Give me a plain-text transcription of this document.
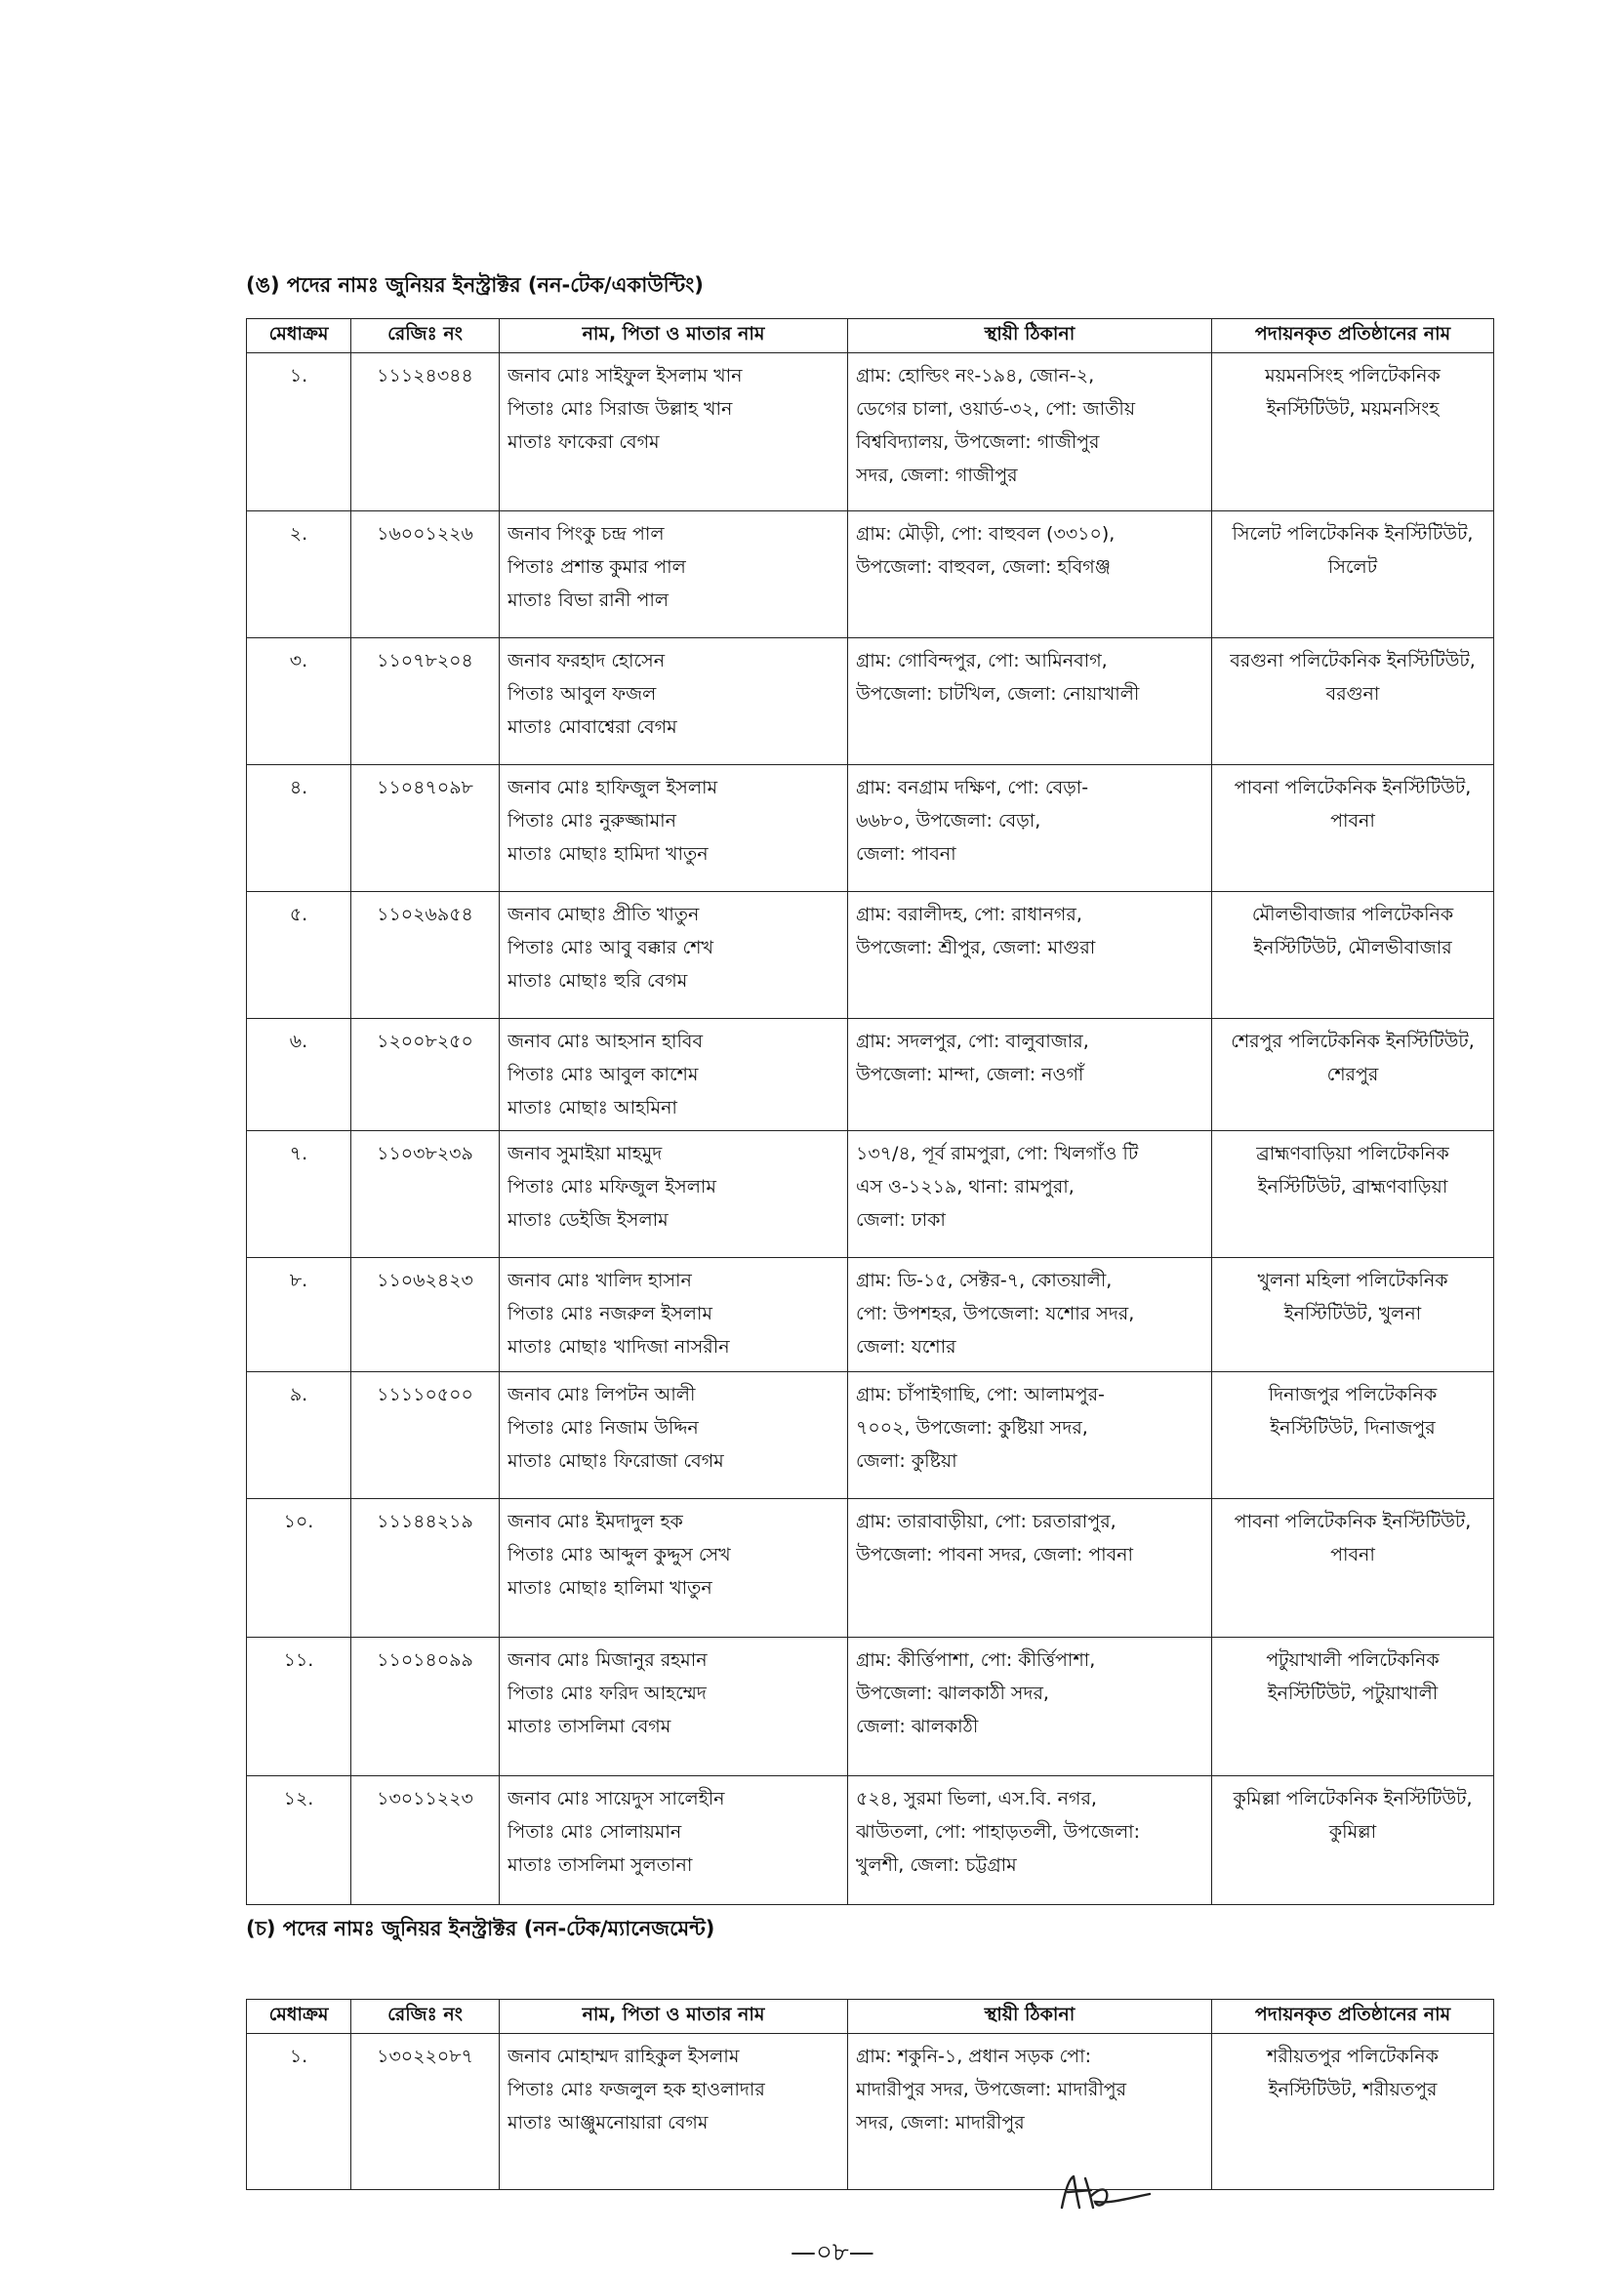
(ঙ) পদের নামঃ জুনিয়র ইনস্ট্রাক্টর (নন-টেক/একাউন্টিং)
মেধাক্রম	রেজিঃ নং	নাম, পিতা ও মাতার নাম	স্থায়ী ঠিকানা	পদায়নকৃত প্রতিষ্ঠানের নাম
১.	১১১২৪৩৪৪	জনাব মোঃ সাইফুল ইসলাম খান
পিতাঃ মোঃ সিরাজ উল্লাহ খান
মাতাঃ ফাকেরা বেগম	গ্রাম: হোল্ডিং নং-১৯৪, জোন-২,
ডেগের চালা, ওয়ার্ড-৩২, পো: জাতীয়
বিশ্ববিদ্যালয়, উপজেলা: গাজীপুর
সদর, জেলা: গাজীপুর	ময়মনসিংহ পলিটেকনিক
ইনস্টিটিউট, ময়মনসিংহ

২.	১৬০০১২২৬	জনাব পিংকু চন্দ্র পাল
পিতাঃ প্রশান্ত কুমার পাল
মাতাঃ বিভা রানী পাল	গ্রাম: মৌড়ী, পো: বাহুবল (৩৩১০),
উপজেলা: বাহুবল, জেলা: হবিগঞ্জ	সিলেট পলিটেকনিক ইনস্টিটিউট,
সিলেট

৩.	১১০৭৮২০৪	জনাব ফরহাদ হোসেন
পিতাঃ আবুল ফজল
মাতাঃ মোবাশ্বেরা বেগম	গ্রাম: গোবিন্দপুর, পো: আমিনবাগ,
উপজেলা: চাটখিল, জেলা: নোয়াখালী	বরগুনা পলিটেকনিক ইনস্টিটিউট,
বরগুনা

৪.	১১০৪৭০৯৮	জনাব মোঃ হাফিজুল ইসলাম
পিতাঃ মোঃ নুরুজ্জামান
মাতাঃ মোছাঃ হামিদা খাতুন	গ্রাম: বনগ্রাম দক্ষিণ, পো: বেড়া-
৬৬৮০, উপজেলা: বেড়া,
জেলা: পাবনা	পাবনা পলিটেকনিক ইনস্টিটিউট,
পাবনা

৫.	১১০২৬৯৫৪	জনাব মোছাঃ প্রীতি খাতুন
পিতাঃ মোঃ আবু বক্কার শেখ
মাতাঃ মোছাঃ হুরি বেগম	গ্রাম: বরালীদহ, পো: রাধানগর,
উপজেলা: শ্রীপুর, জেলা: মাগুরা	মৌলভীবাজার পলিটেকনিক
ইনস্টিটিউট, মৌলভীবাজার

৬.	১২০০৮২৫০	জনাব মোঃ আহসান হাবিব
পিতাঃ মোঃ আবুল কাশেম
মাতাঃ মোছাঃ আহমিনা	গ্রাম: সদলপুর, পো: বালুবাজার,
উপজেলা: মান্দা, জেলা: নওগাঁ	শেরপুর পলিটেকনিক ইনস্টিটিউট,
শেরপুর

৭.	১১০৩৮২৩৯	জনাব সুমাইয়া মাহমুদ
পিতাঃ মোঃ মফিজুল ইসলাম
মাতাঃ ডেইজি ইসলাম	১৩৭/৪, পূর্ব রামপুরা, পো: খিলগাঁও টি
এস ও-১২১৯, থানা: রামপুরা,
জেলা: ঢাকা	ব্রাহ্মণবাড়িয়া পলিটেকনিক
ইনস্টিটিউট, ব্রাহ্মণবাড়িয়া

৮.	১১০৬২৪২৩	জনাব মোঃ খালিদ হাসান
পিতাঃ মোঃ নজরুল ইসলাম
মাতাঃ মোছাঃ খাদিজা নাসরীন	গ্রাম: ডি-১৫, সেক্টর-৭, কোতয়ালী,
পো: উপশহর, উপজেলা: যশোর সদর,
জেলা: যশোর	খুলনা মহিলা পলিটেকনিক
ইনস্টিটিউট, খুলনা

৯.	১১১১০৫০০	জনাব মোঃ লিপটন আলী
পিতাঃ মোঃ নিজাম উদ্দিন
মাতাঃ মোছাঃ ফিরোজা বেগম	গ্রাম: চাঁপাইগাছি, পো: আলামপুর-
৭০০২, উপজেলা: কুষ্টিয়া সদর,
জেলা: কুষ্টিয়া	দিনাজপুর পলিটেকনিক
ইনস্টিটিউট, দিনাজপুর

১০.	১১১৪৪২১৯	জনাব মোঃ ইমদাদুল হক
পিতাঃ মোঃ আব্দুল কুদ্দুস সেখ
মাতাঃ মোছাঃ হালিমা খাতুন	গ্রাম: তারাবাড়ীয়া, পো: চরতারাপুর,
উপজেলা: পাবনা সদর, জেলা: পাবনা	পাবনা পলিটেকনিক ইনস্টিটিউট,
পাবনা

১১.	১১০১৪০৯৯	জনাব মোঃ মিজানুর রহমান
পিতাঃ মোঃ ফরিদ আহম্মেদ
মাতাঃ তাসলিমা বেগম	গ্রাম: কীর্ত্তিপাশা, পো: কীর্ত্তিপাশা,
উপজেলা: ঝালকাঠী সদর,
জেলা: ঝালকাঠী	পটুয়াখালী পলিটেকনিক
ইনস্টিটিউট, পটুয়াখালী

১২.	১৩০১১২২৩	জনাব মোঃ সায়েদুস সালেহীন
পিতাঃ মোঃ সোলায়মান
মাতাঃ তাসলিমা সুলতানা	৫২৪, সুরমা ভিলা, এস.বি. নগর,
ঝাউতলা, পো: পাহাড়তলী, উপজেলা:
খুলশী, জেলা: চট্টগ্রাম	কুমিল্লা পলিটেকনিক ইনস্টিটিউট,
কুমিল্লা
(চ) পদের নামঃ জুনিয়র ইনস্ট্রাক্টর (নন-টেক/ম্যানেজমেন্ট)
মেধাক্রম	রেজিঃ নং	নাম, পিতা ও মাতার নাম	স্থায়ী ঠিকানা	পদায়নকৃত প্রতিষ্ঠানের নাম
১.	১৩০২২০৮৭	জনাব মোহাম্মদ রাহিকুল ইসলাম
পিতাঃ মোঃ ফজলুল হক হাওলাদার
মাতাঃ আঞ্জুমনোয়ারা বেগম	গ্রাম: শকুনি-১, প্রধান সড়ক পো:
মাদারীপুর সদর, উপজেলা: মাদারীপুর
সদর, জেলা: মাদারীপুর	শরীয়তপুর পলিটেকনিক
ইনস্টিটিউট, শরীয়তপুর
—০৮—
